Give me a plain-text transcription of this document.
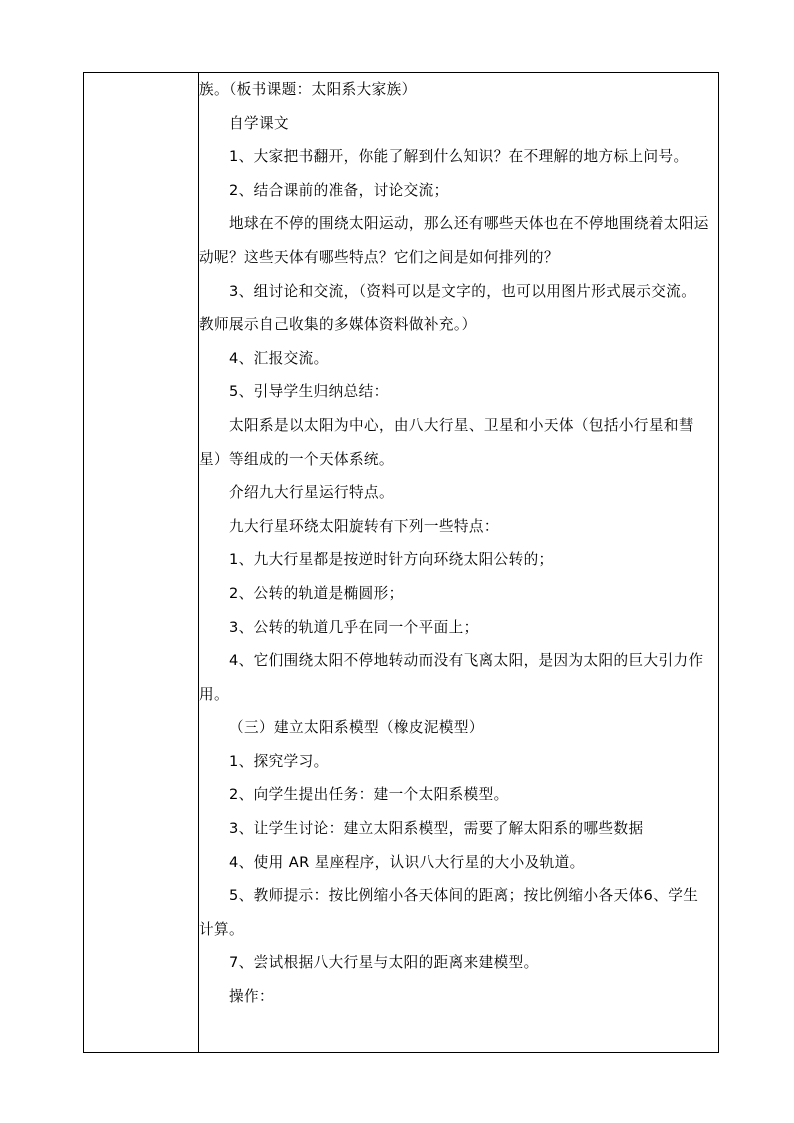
族。（板书课题：太阳系大家族）

自学课文

1、大家把书翻开，你能了解到什么知识？在不理解的地方标上问号。

2、结合课前的准备，讨论交流；

地球在不停的围绕太阳运动，那么还有哪些天体也在不停地围绕着太阳运动呢？这些天体有哪些特点？它们之间是如何排列的？

3、组讨论和交流，（资料可以是文字的，也可以用图片形式展示交流。教师展示自己收集的多媒体资料做补充。）

4、汇报交流。

5、引导学生归纳总结：

太阳系是以太阳为中心，由八大行星、卫星和小天体（包括小行星和彗星）等组成的一个天体系统。

介绍九大行星运行特点。

九大行星环绕太阳旋转有下列一些特点：

1、九大行星都是按逆时针方向环绕太阳公转的；

2、公转的轨道是椭圆形；

3、公转的轨道几乎在同一个平面上；

4、它们围绕太阳不停地转动而没有飞离太阳，是因为太阳的巨大引力作用。

（三）建立太阳系模型（橡皮泥模型）

1、探究学习。

2、向学生提出任务：建一个太阳系模型。

3、让学生讨论：建立太阳系模型，需要了解太阳系的哪些数据

4、使用 AR 星座程序，认识八大行星的大小及轨道。

5、教师提示：按比例缩小各天体间的距离；按比例缩小各天体6、学生计算。

7、尝试根据八大行星与太阳的距离来建模型。

操作：
